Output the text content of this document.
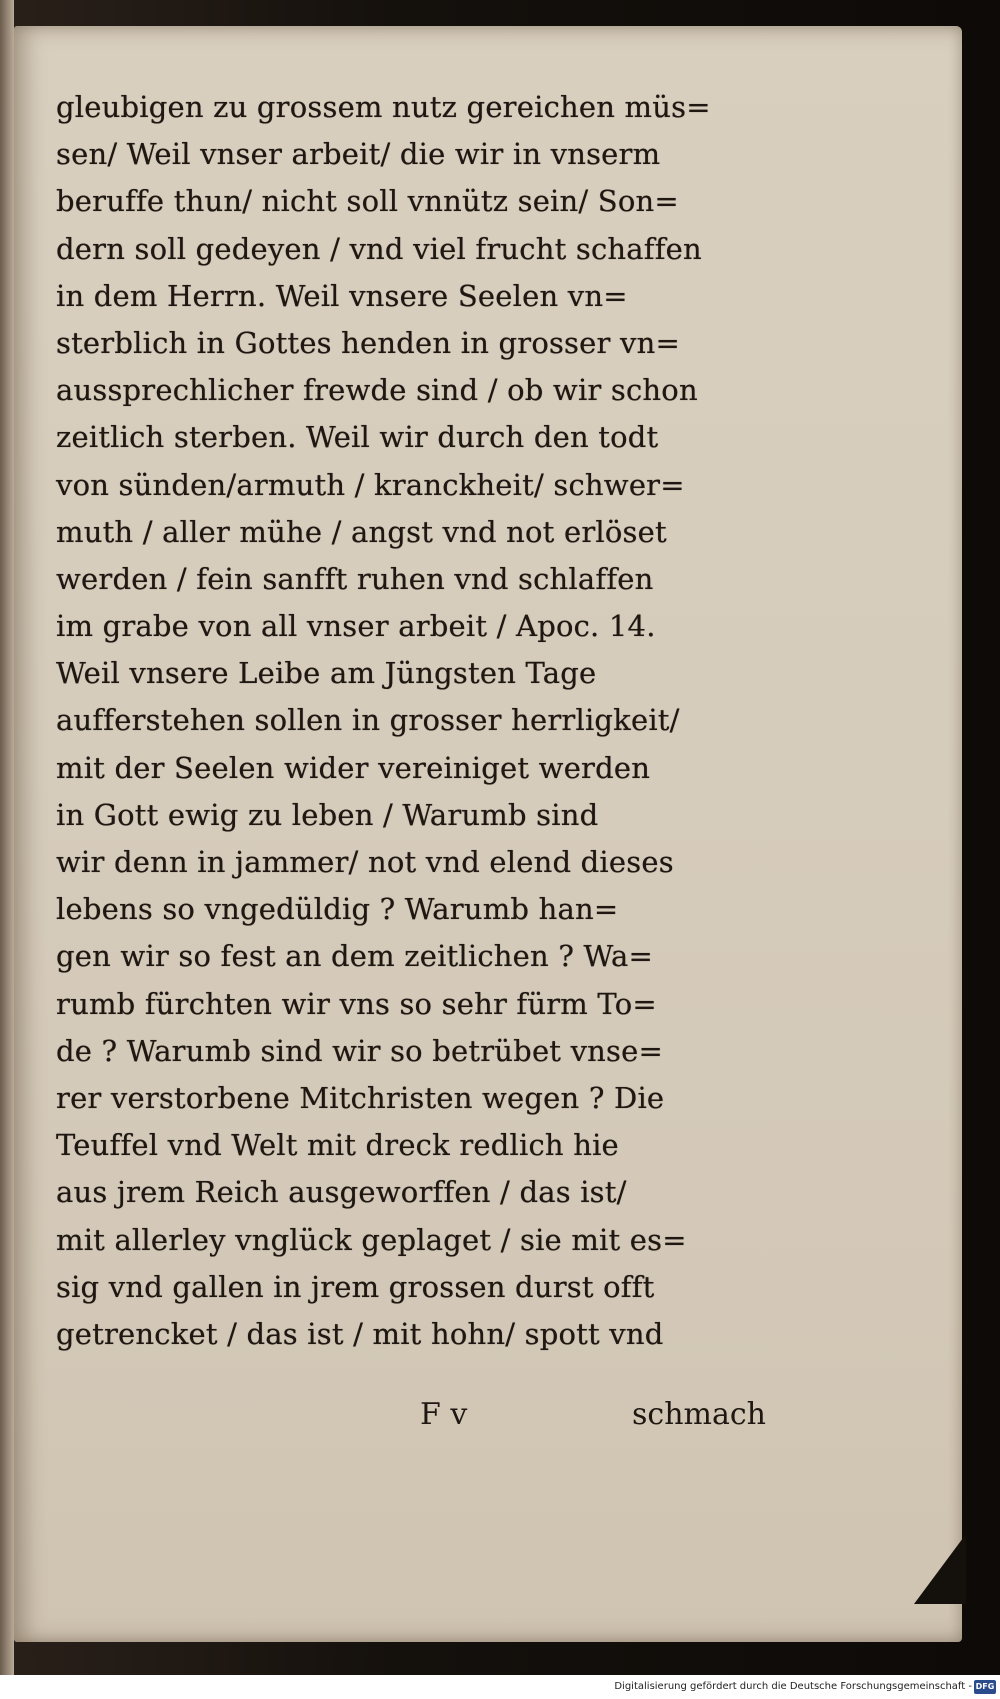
gleubigen zu grossem nutz gereichen müs=
sen/ Weil vnser arbeit/ die wir in vnserm
beruffe thun/ nicht soll vnnütz sein/ Son=
dern soll gedeyen / vnd viel frucht schaffen
in dem Herrn. Weil vnsere Seelen vn=
sterblich in Gottes henden in grosser vn=
aussprechlicher frewde sind / ob wir schon
zeitlich sterben. Weil wir durch den todt
von sünden/armuth / kranckheit/ schwer=
muth / aller mühe / angst vnd not erlöset
werden / fein sanfft ruhen vnd schlaffen
im grabe von all vnser arbeit / Apoc. 14.
Weil vnsere Leibe am Jüngsten Tage
aufferstehen sollen in grosser herrligkeit/
mit der Seelen wider vereiniget werden
in Gott ewig zu leben / Warumb sind
wir denn in jammer/ not vnd elend dieses
lebens so vngedüldig ? Warumb han=
gen wir so fest an dem zeitlichen ? Wa=
rumb fürchten wir vns so sehr fürm To=
de ? Warumb sind wir so betrübet vnse=
rer verstorbene Mitchristen wegen ? Die
Teuffel vnd Welt mit dreck redlich hie
aus jrem Reich ausgeworffen / das ist/
mit allerley vnglück geplaget / sie mit es=
sig vnd gallen in jrem grossen durst offt
getrencket / das ist / mit hohn/ spott vnd
F v	schmach
Digitalisierung gefördert durch die Deutsche Forschungsgemeinschaft - DFG
